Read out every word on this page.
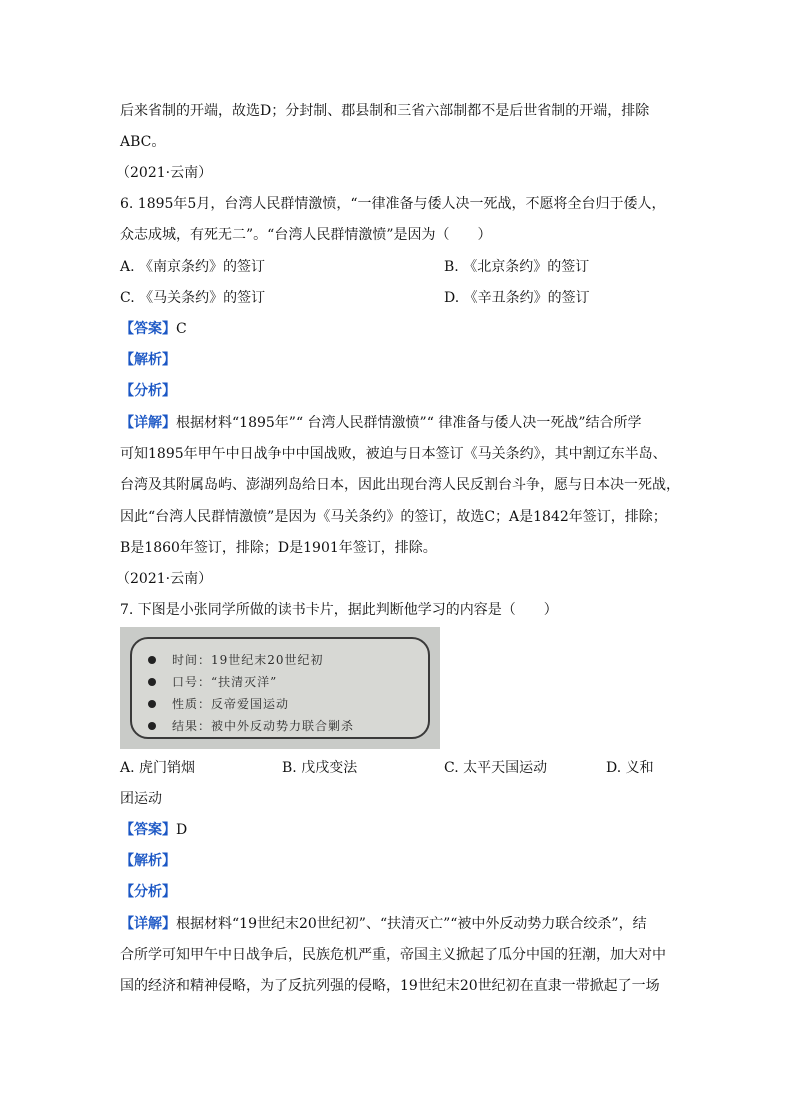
后来省制的开端，故选D；分封制、郡县制和三省六部制都不是后世省制的开端，排除
ABC。
（2021·云南）
6. 1895年5月，台湾人民群情激愤，“一律准备与倭人决一死战，不愿将全台归于倭人，
众志成城，有死无二”。“台湾人民群情激愤”是因为（　　）
A. 《南京条约》的签订	B. 《北京条约》的签订
C. 《马关条约》的签订	D. 《辛丑条约》的签订
【答案】C
【解析】
【分析】
【详解】根据材料“1895年”“ 台湾人民群情激愤”“ 律准备与倭人决一死战”结合所学
可知1895年甲午中日战争中中国战败，被迫与日本签订《马关条约》，其中割辽东半岛、
台湾及其附属岛屿、澎湖列岛给日本，因此出现台湾人民反割台斗争，愿与日本决一死战，
因此“台湾人民群情激愤”是因为《马关条约》的签订，故选C；A是1842年签订，排除；
B是1860年签订，排除；D是1901年签订，排除。
（2021·云南）
7. 下图是小张同学所做的读书卡片，据此判断他学习的内容是（　　）
时间：19世纪末20世纪初
口号：“扶清灭洋”
性质：反帝爱国运动
结果：被中外反动势力联合剿杀
A. 虎门销烟	B. 戊戌变法	C. 太平天国运动	D. 义和
团运动
【答案】D
【解析】
【分析】
【详解】根据材料“19世纪末20世纪初”、“扶清灭亡”“被中外反动势力联合绞杀”，结
合所学可知甲午中日战争后，民族危机严重，帝国主义掀起了瓜分中国的狂潮，加大对中
国的经济和精神侵略，为了反抗列强的侵略，19世纪末20世纪初在直隶一带掀起了一场
